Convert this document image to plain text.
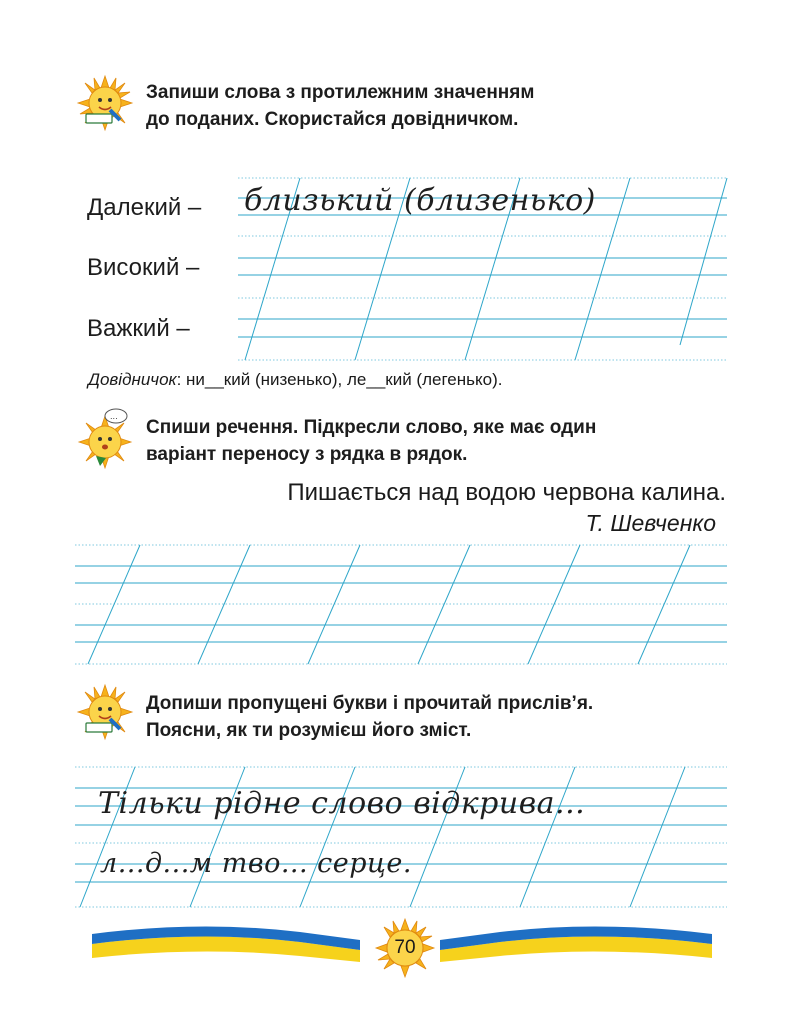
Запиши слова з протилежним значенням
до поданих. Скористайся довідничком.
Далекий – близький (близенько)
Високий –
Важкий –
Довідничок: ни__кий (низенько), ле__кий (легенько).
...
Спиши речення. Підкресли слово, яке має один
варіант переносу з рядка в рядок.
Пишається над водою червона калина.
Т. Шевченко
Допиши пропущені букви і прочитай прислів’я.
Поясни, як ти розумієш його зміст.
Тільки рідне слово відкрива...
л...д...м тво... серце.
70
